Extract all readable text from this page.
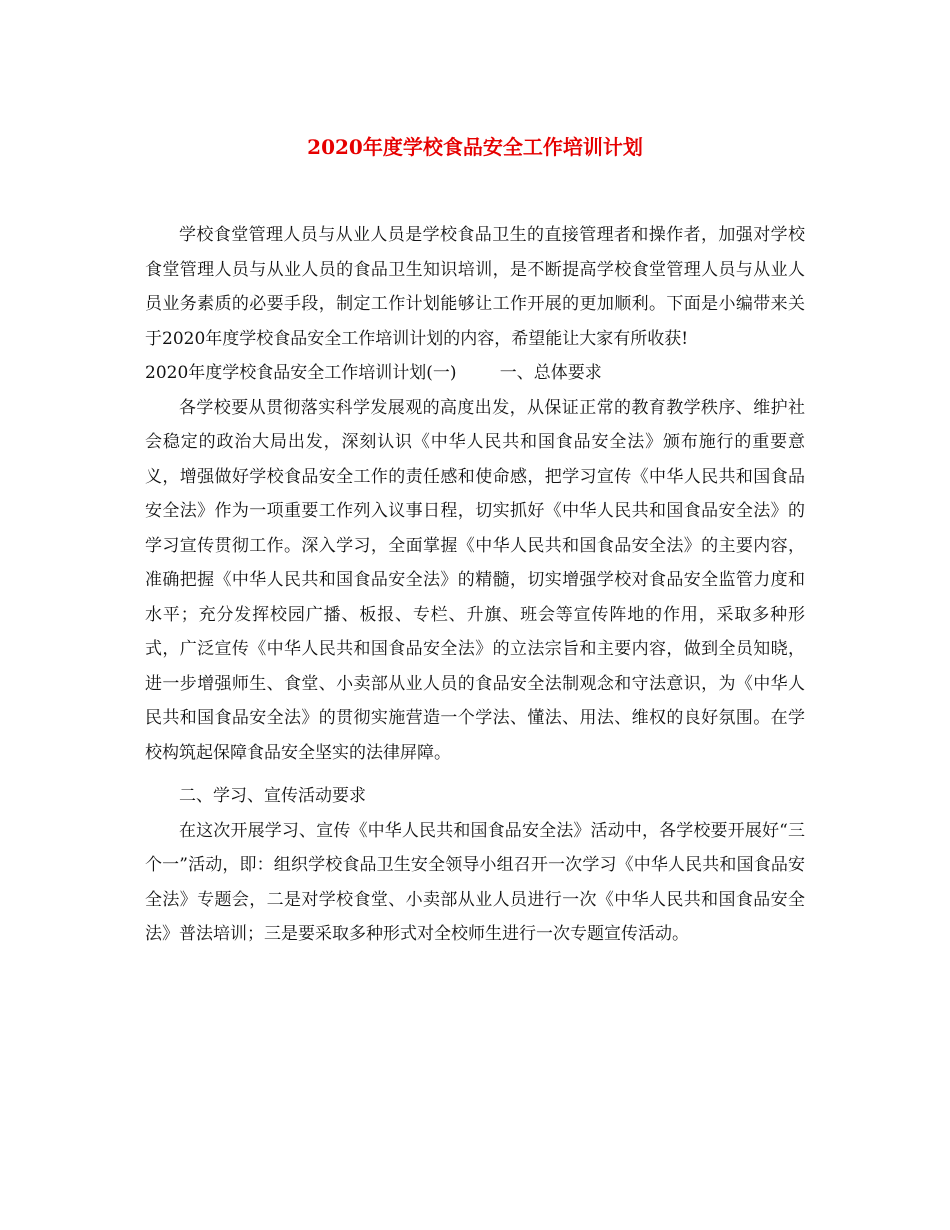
2020年度学校食品安全工作培训计划

学校食堂管理人员与从业人员是学校食品卫生的直接管理者和操作者，加强对学校食堂管理人员与从业人员的食品卫生知识培训，是不断提高学校食堂管理人员与从业人员业务素质的必要手段，制定工作计划能够让工作开展的更加顺利。下面是小编带来关于2020年度学校食品安全工作培训计划的内容，希望能让大家有所收获!

2020年度学校食品安全工作培训计划(一)        一、总体要求

各学校要从贯彻落实科学发展观的高度出发，从保证正常的教育教学秩序、维护社会稳定的政治大局出发，深刻认识《中华人民共和国食品安全法》颁布施行的重要意义，增强做好学校食品安全工作的责任感和使命感，把学习宣传《中华人民共和国食品安全法》作为一项重要工作列入议事日程，切实抓好《中华人民共和国食品安全法》的学习宣传贯彻工作。深入学习，全面掌握《中华人民共和国食品安全法》的主要内容，准确把握《中华人民共和国食品安全法》的精髓，切实增强学校对食品安全监管力度和水平；充分发挥校园广播、板报、专栏、升旗、班会等宣传阵地的作用，采取多种形式，广泛宣传《中华人民共和国食品安全法》的立法宗旨和主要内容，做到全员知晓，进一步增强师生、食堂、小卖部从业人员的食品安全法制观念和守法意识，为《中华人民共和国食品安全法》的贯彻实施营造一个学法、懂法、用法、维权的良好氛围。在学校构筑起保障食品安全坚实的法律屏障。

二、学习、宣传活动要求

在这次开展学习、宣传《中华人民共和国食品安全法》活动中，各学校要开展好“三个一”活动，即：组织学校食品卫生安全领导小组召开一次学习《中华人民共和国食品安全法》专题会，二是对学校食堂、小卖部从业人员进行一次《中华人民共和国食品安全法》普法培训；三是要采取多种形式对全校师生进行一次专题宣传活动。
